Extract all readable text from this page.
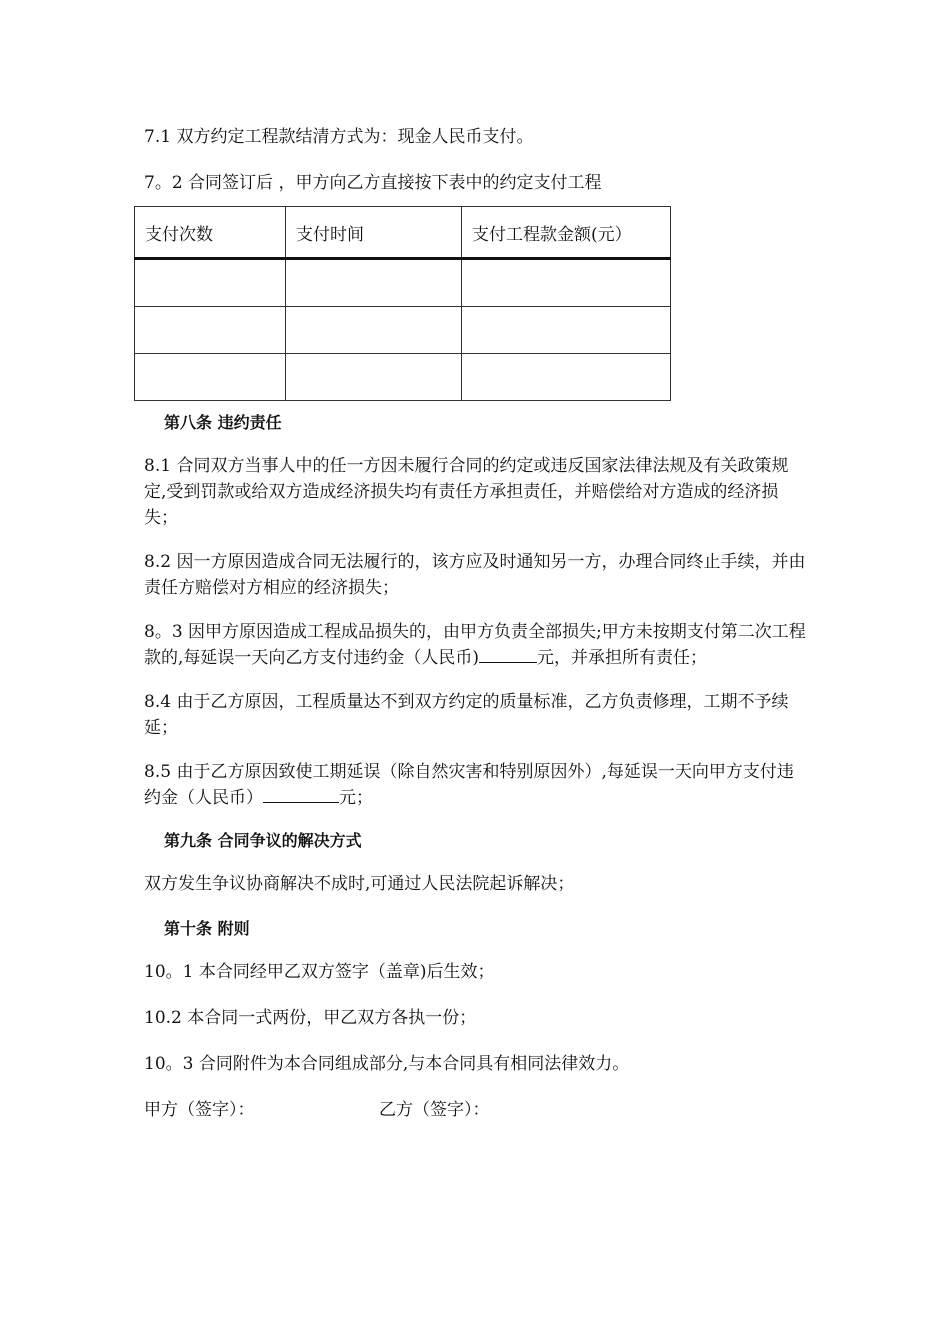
7.1 双方约定工程款结清方式为：现金人民币支付。

7。2 合同签订后 ，甲方向乙方直接按下表中的约定支付工程

支付次数	支付时间	支付工程款金额(元）

第八条 违约责任

8.1 合同双方当事人中的任一方因未履行合同的约定或违反国家法律法规及有关政策规定,受到罚款或给双方造成经济损失均有责任方承担责任，并赔偿给对方造成的经济损失；

8.2 因一方原因造成合同无法履行的，该方应及时通知另一方，办理合同终止手续，并由责任方赔偿对方相应的经济损失；

8。3 因甲方原因造成工程成品损失的，由甲方负责全部损失;甲方未按期支付第二次工程款的,每延误一天向乙方支付违约金（人民币)	元，并承担所有责任；

8.4 由于乙方原因，工程质量达不到双方约定的质量标准，乙方负责修理，工期不予续延；

8.5 由于乙方原因致使工期延误（除自然灾害和特别原因外）,每延误一天向甲方支付违约金（人民币）	元；

第九条 合同争议的解决方式

双方发生争议协商解决不成时,可通过人民法院起诉解决；

第十条 附则

10。1 本合同经甲乙双方签字（盖章)后生效；

10.2 本合同一式两份，甲乙双方各执一份；

10。3 合同附件为本合同组成部分,与本合同具有相同法律效力。

甲方（签字）：	乙方（签字）：
